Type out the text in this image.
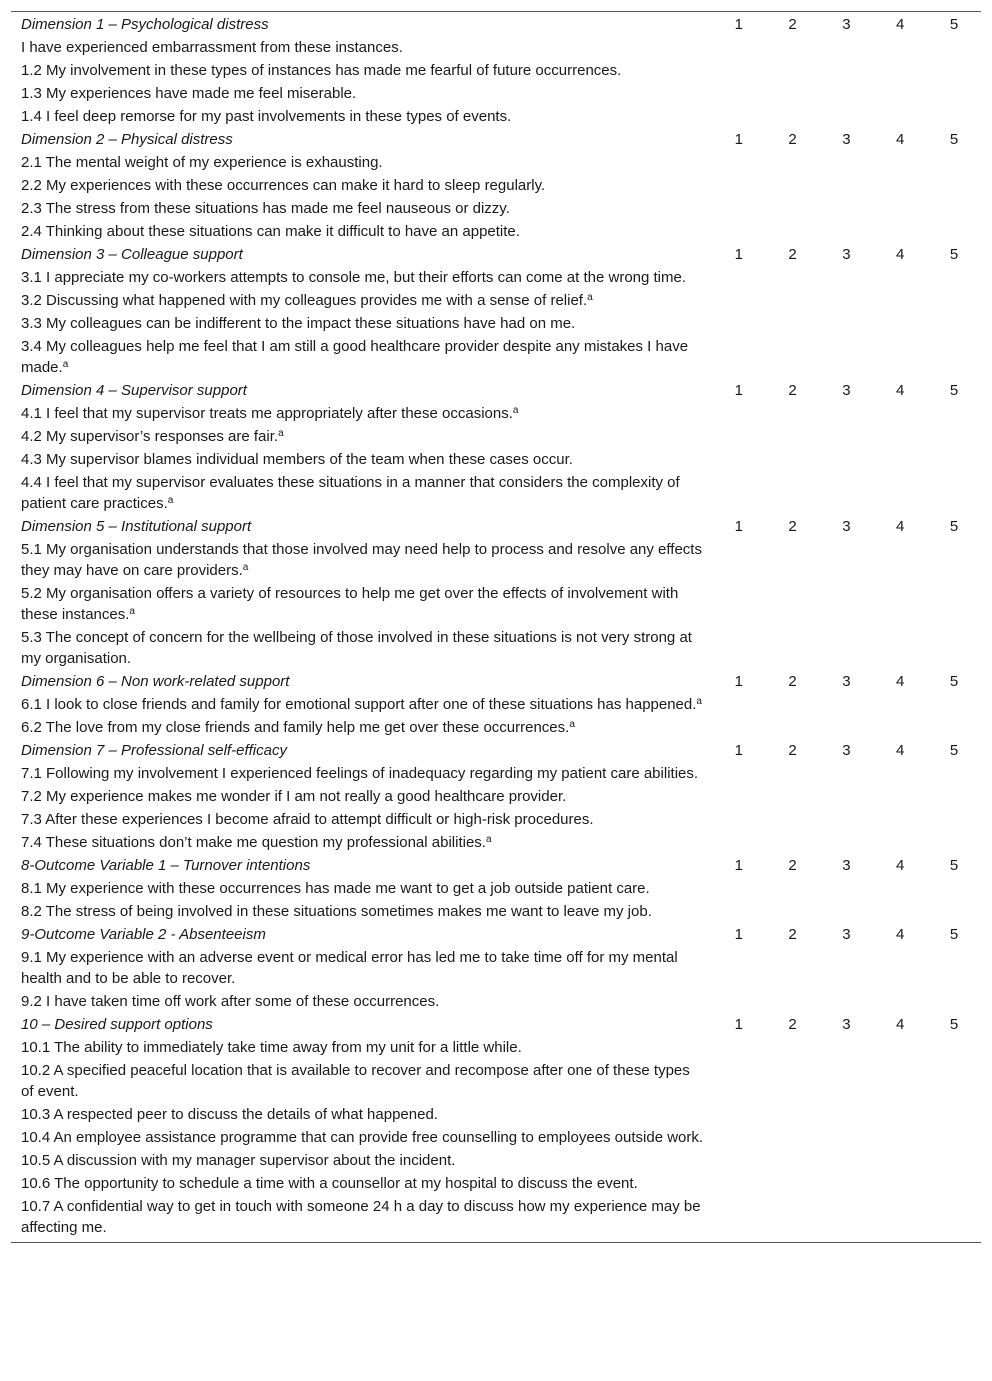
Dimension 1 – Psychological distress	1	2	3	4	5
I have experienced embarrassment from these instances.					
1.2 My involvement in these types of instances has made me fearful of future occurrences.					
1.3 My experiences have made me feel miserable.					
1.4 I feel deep remorse for my past involvements in these types of events.					
Dimension 2 – Physical distress	1	2	3	4	5
2.1 The mental weight of my experience is exhausting.					
2.2 My experiences with these occurrences can make it hard to sleep regularly.					
2.3 The stress from these situations has made me feel nauseous or dizzy.					
2.4 Thinking about these situations can make it difficult to have an appetite.					
Dimension 3 – Colleague support	1	2	3	4	5
3.1 I appreciate my co-workers attempts to console me, but their efforts can come at the wrong time.					
3.2 Discussing what happened with my colleagues provides me with a sense of relief.$^a$	
3.3 My colleagues can be indifferent to the impact these situations have had on me.					
3.4 My colleagues help me feel that I am still a good healthcare provider despite any mistakes I have made.$^a$	
Dimension 4 – Supervisor support	1	2	3	4	5
4.1 I feel that my supervisor treats me appropriately after these occasions.$^a$	
4.2 My supervisor’s responses are fair.$^a$	
4.3 My supervisor blames individual members of the team when these cases occur.					
4.4 I feel that my supervisor evaluates these situations in a manner that considers the complexity of patient care practices.$^a$	
Dimension 5 – Institutional support	1	2	3	4	5
5.1 My organisation understands that those involved may need help to process and resolve any effects they may have on care providers.$^a$	
5.2 My organisation offers a variety of resources to help me get over the effects of involvement with these instances.$^a$	
5.3 The concept of concern for the wellbeing of those involved in these situations is not very strong at my organisation.					
Dimension 6 – Non work-related support	1	2	3	4	5
6.1 I look to close friends and family for emotional support after one of these situations has happened.$^a$	
6.2 The love from my close friends and family help me get over these occurrences.$^a$	
Dimension 7 – Professional self-efficacy	1	2	3	4	5
7.1 Following my involvement I experienced feelings of inadequacy regarding my patient care abilities.					
7.2 My experience makes me wonder if I am not really a good healthcare provider.					
7.3 After these experiences I become afraid to attempt difficult or high-risk procedures.					
7.4 These situations don’t make me question my professional abilities.$^a$	
8-Outcome Variable 1 – Turnover intentions	1	2	3	4	5
8.1 My experience with these occurrences has made me want to get a job outside patient care.					
8.2 The stress of being involved in these situations sometimes makes me want to leave my job.					
9-Outcome Variable 2 - Absenteeism	1	2	3	4	5
9.1 My experience with an adverse event or medical error has led me to take time off for my mental health and to be able to recover.					
9.2 I have taken time off work after some of these occurrences.					
10 – Desired support options	1	2	3	4	5
10.1 The ability to immediately take time away from my unit for a little while.					
10.2 A specified peaceful location that is available to recover and recompose after one of these types of event.					
10.3 A respected peer to discuss the details of what happened.					
10.4 An employee assistance programme that can provide free counselling to employees outside work.					
10.5 A discussion with my manager supervisor about the incident.					
10.6 The opportunity to schedule a time with a counsellor at my hospital to discuss the event.					
10.7 A confidential way to get in touch with someone 24 h a day to discuss how my experience may be affecting me.					
